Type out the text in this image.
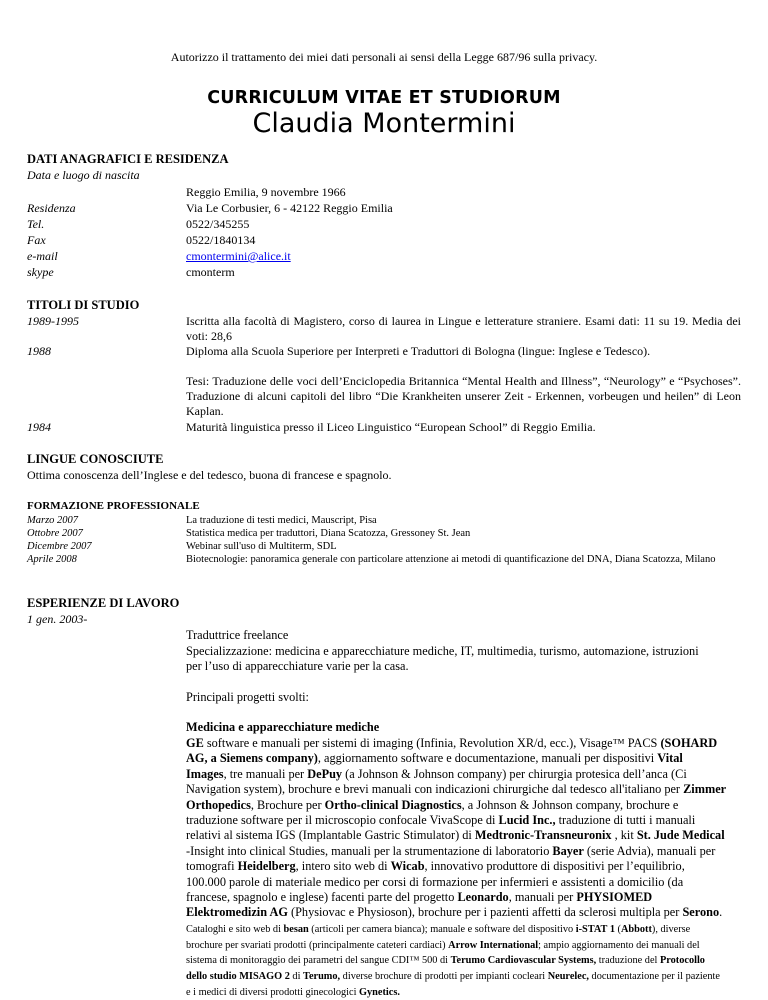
Autorizzo il trattamento dei miei dati personali ai sensi della Legge 687/96 sulla privacy.
CURRICULUM VITAE ET STUDIORUM
Claudia Montermini
DATI ANAGRAFICI E RESIDENZA
Data e luogo di nascita
Reggio Emilia, 9 novembre 1966
Residenza	Via Le Corbusier, 6 - 42122 Reggio Emilia
Tel.	0522/345255
Fax	0522/1840134
e-mail	cmontermini@alice.it
skype	cmonterm
TITOLI DI STUDIO
1989-1995	Iscritta alla facoltà di Magistero, corso di laurea in Lingue e letterature straniere. Esami dati: 11 su 19. Media dei voti: 28,6
1988	Diploma alla Scuola Superiore per Interpreti e Traduttori di Bologna (lingue: Inglese e Tedesco).
Tesi: Traduzione delle voci dell’Enciclopedia Britannica “Mental Health and Illness”, “Neurology” e “Psychoses”. Traduzione di alcuni capitoli del libro “Die Krankheiten unserer Zeit - Erkennen, vorbeugen und heilen” di Leon Kaplan.
1984	Maturità linguistica presso il Liceo Linguistico “European School” di Reggio Emilia.
LINGUE CONOSCIUTE
Ottima conoscenza dell’Inglese e del tedesco, buona di francese e spagnolo.
FORMAZIONE PROFESSIONALE
Marzo 2007	La traduzione di testi medici, Mauscript, Pisa
Ottobre 2007	Statistica medica per traduttori, Diana Scatozza, Gressoney St. Jean
Dicembre 2007	Webinar sull'uso di Multiterm, SDL
Aprile 2008	Biotecnologie: panoramica generale con particolare attenzione ai metodi di quantificazione del DNA, Diana Scatozza, Milano
ESPERIENZE DI LAVORO
1 gen. 2003-
Traduttrice freelance
Specializzazione: medicina e apparecchiature mediche, IT, multimedia, turismo, automazione, istruzioni per l’uso di apparecchiature varie per la casa.
Principali progetti svolti:
Medicina e apparecchiature mediche
GE software e manuali per sistemi di imaging (Infinia, Revolution XR/d, ecc.), Visage™ PACS (SOHARD AG, a Siemens company), aggiornamento software e documentazione, manuali per dispositivi Vital Images, tre manuali per DePuy (a Johnson & Johnson company) per chirurgia protesica dell’anca (Ci Navigation system), brochure e brevi manuali con indicazioni chirurgiche dal tedesco all'italiano per Zimmer Orthopedics, Brochure per Ortho-clinical Diagnostics, a Johnson & Johnson company, brochure e traduzione software per il microscopio confocale VivaScope di Lucid Inc., traduzione di tutti i manuali relativi al sistema IGS (Implantable Gastric Stimulator) di Medtronic-Transneuronix , kit St. Jude Medical -Insight into clinical Studies, manuali per la strumentazione di laboratorio Bayer (serie Advia), manuali per tomografi Heidelberg, intero sito web di Wicab, innovativo produttore di dispositivi per l’equilibrio, 100.000 parole di materiale medico per corsi di formazione per infermieri e assistenti a domicilio (da francese, spagnolo e inglese) facenti parte del progetto Leonardo, manuali per PHYSIOMED Elektromedizin AG (Physiovac e Physioson), brochure per i pazienti affetti da sclerosi multipla per Serono. Cataloghi e sito web di besan (articoli per camera bianca); manuale e software del dispositivo i-STAT 1 (Abbott), diverse brochure per svariati prodotti (principalmente cateteri cardiaci) Arrow International; ampio aggiornamento dei manuali del sistema di monitoraggio dei parametri del sangue CDI™ 500 di Terumo Cardiovascular Systems, traduzione del Protocollo dello studio MISAGO 2 di Terumo, diverse brochure di prodotti per impianti cocleari Neurelec, documentazione per il paziente e i medici di diversi prodotti ginecologici Gynetics.
